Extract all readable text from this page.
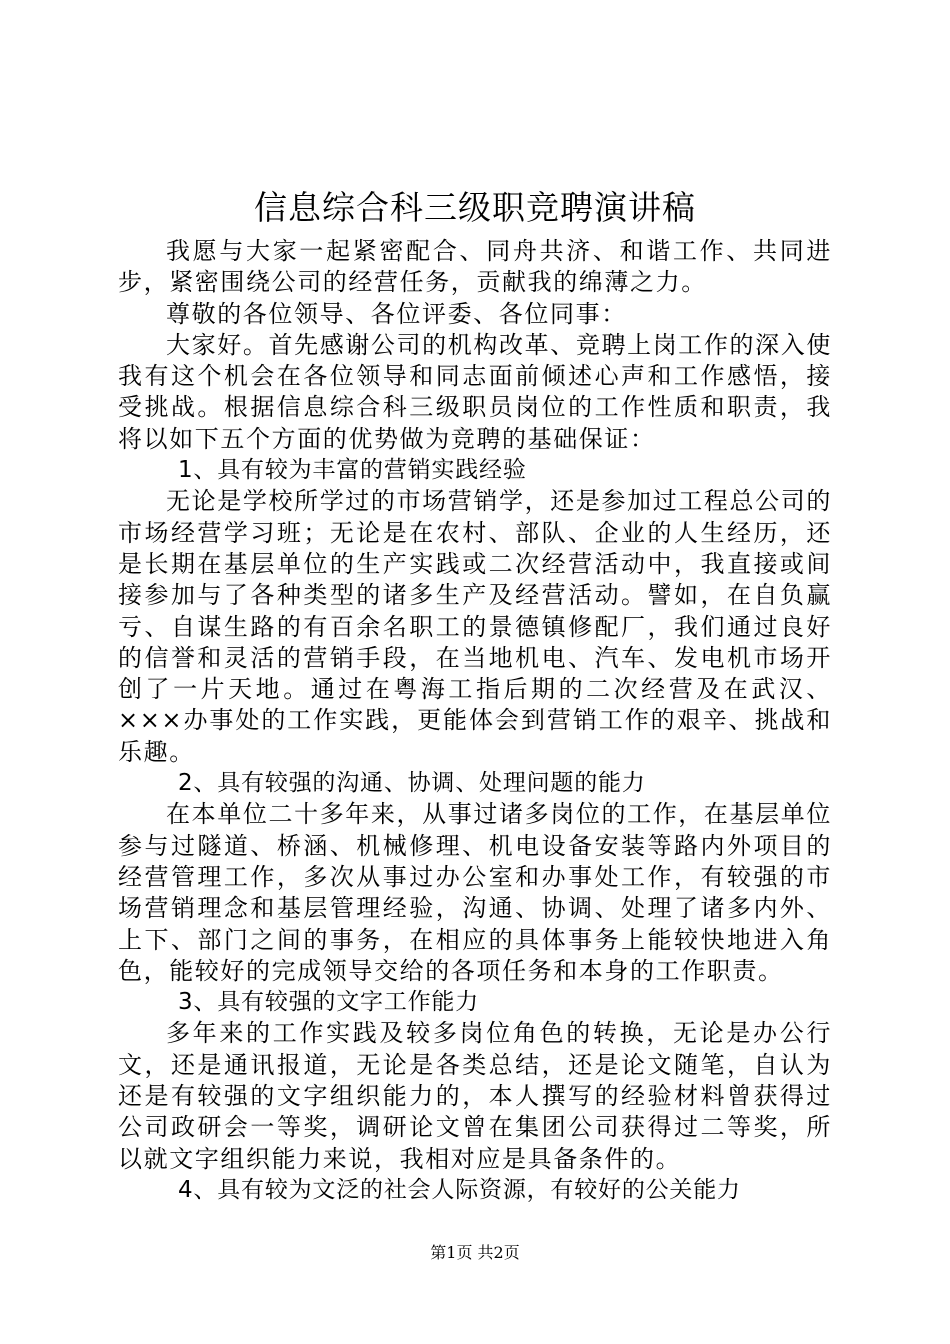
信息综合科三级职竞聘演讲稿

我愿与大家一起紧密配合、同舟共济、和谐工作、共同进步，紧密围绕公司的经营任务，贡献我的绵薄之力。

尊敬的各位领导、各位评委、各位同事：

大家好。首先感谢公司的机构改革、竞聘上岗工作的深入使我有这个机会在各位领导和同志面前倾述心声和工作感悟，接受挑战。根据信息综合科三级职员岗位的工作性质和职责，我将以如下五个方面的优势做为竞聘的基础保证：

1、具有较为丰富的营销实践经验

无论是学校所学过的市场营销学，还是参加过工程总公司的市场经营学习班；无论是在农村、部队、企业的人生经历，还是长期在基层单位的生产实践或二次经营活动中，我直接或间接参加与了各种类型的诸多生产及经营活动。譬如，在自负赢亏、自谋生路的有百余名职工的景德镇修配厂，我们通过良好的信誉和灵活的营销手段，在当地机电、汽车、发电机市场开创了一片天地。通过在粤海工指后期的二次经营及在武汉、×××办事处的工作实践，更能体会到营销工作的艰辛、挑战和乐趣。

2、具有较强的沟通、协调、处理问题的能力

在本单位二十多年来，从事过诸多岗位的工作，在基层单位参与过隧道、桥涵、机械修理、机电设备安装等路内外项目的经营管理工作，多次从事过办公室和办事处工作，有较强的市场营销理念和基层管理经验，沟通、协调、处理了诸多内外、上下、部门之间的事务，在相应的具体事务上能较快地进入角色，能较好的完成领导交给的各项任务和本身的工作职责。

3、具有较强的文字工作能力

多年来的工作实践及较多岗位角色的转换，无论是办公行文，还是通讯报道，无论是各类总结，还是论文随笔，自认为还是有较强的文字组织能力的，本人撰写的经验材料曾获得过公司政研会一等奖，调研论文曾在集团公司获得过二等奖，所以就文字组织能力来说，我相对应是具备条件的。

4、具有较为文泛的社会人际资源，有较好的公关能力

第1页 共2页
